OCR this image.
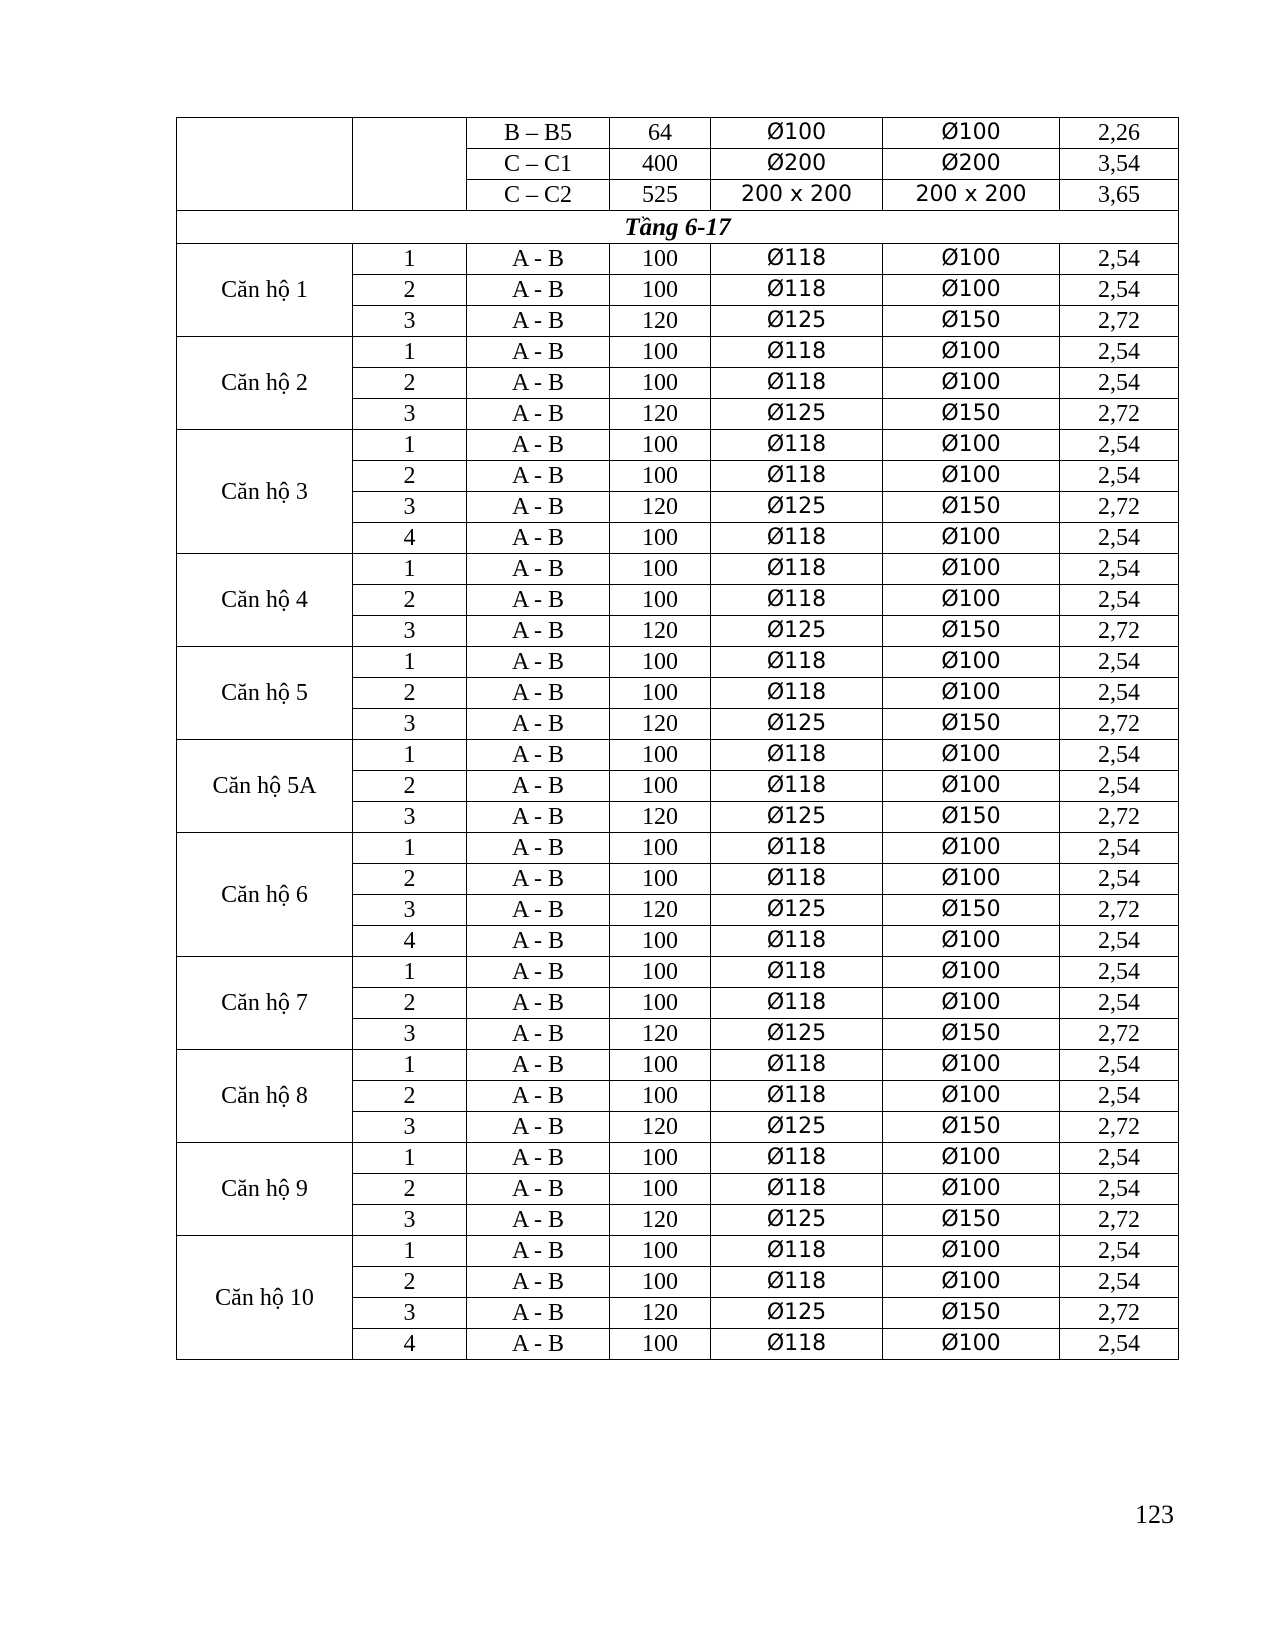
		B – B5	64	Ø100	Ø100	2,26
		C – C1	400	Ø200	Ø200	3,54
		C – C2	525	200 x 200	200 x 200	3,65
Tầng 6-17						
Căn hộ 1	1	A - B	100	Ø118	Ø100	2,54
	2	A - B	100	Ø118	Ø100	2,54
	3	A - B	120	Ø125	Ø150	2,72
Căn hộ 2	1	A - B	100	Ø118	Ø100	2,54
	2	A - B	100	Ø118	Ø100	2,54
	3	A - B	120	Ø125	Ø150	2,72
Căn hộ 3	1	A - B	100	Ø118	Ø100	2,54
	2	A - B	100	Ø118	Ø100	2,54
	3	A - B	120	Ø125	Ø150	2,72
	4	A - B	100	Ø118	Ø100	2,54
Căn hộ 4	1	A - B	100	Ø118	Ø100	2,54
	2	A - B	100	Ø118	Ø100	2,54
	3	A - B	120	Ø125	Ø150	2,72
Căn hộ 5	1	A - B	100	Ø118	Ø100	2,54
	2	A - B	100	Ø118	Ø100	2,54
	3	A - B	120	Ø125	Ø150	2,72
Căn hộ 5A	1	A - B	100	Ø118	Ø100	2,54
	2	A - B	100	Ø118	Ø100	2,54
	3	A - B	120	Ø125	Ø150	2,72
Căn hộ 6	1	A - B	100	Ø118	Ø100	2,54
	2	A - B	100	Ø118	Ø100	2,54
	3	A - B	120	Ø125	Ø150	2,72
	4	A - B	100	Ø118	Ø100	2,54
Căn hộ 7	1	A - B	100	Ø118	Ø100	2,54
	2	A - B	100	Ø118	Ø100	2,54
	3	A - B	120	Ø125	Ø150	2,72
Căn hộ 8	1	A - B	100	Ø118	Ø100	2,54
	2	A - B	100	Ø118	Ø100	2,54
	3	A - B	120	Ø125	Ø150	2,72
Căn hộ 9	1	A - B	100	Ø118	Ø100	2,54
	2	A - B	100	Ø118	Ø100	2,54
	3	A - B	120	Ø125	Ø150	2,72
Căn hộ 10	1	A - B	100	Ø118	Ø100	2,54
	2	A - B	100	Ø118	Ø100	2,54
	3	A - B	120	Ø125	Ø150	2,72
	4	A - B	100	Ø118	Ø100	2,54
123
